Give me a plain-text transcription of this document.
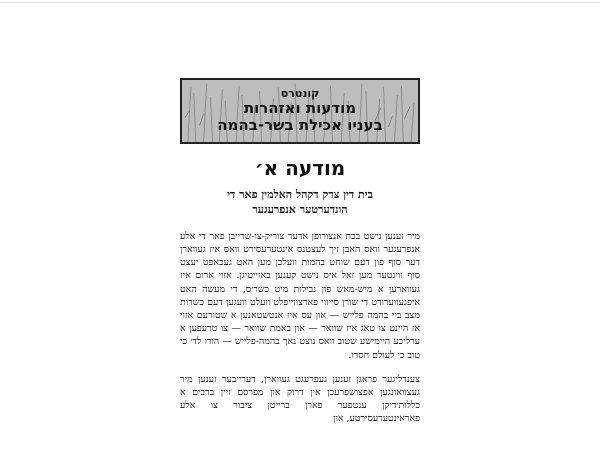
קונטרס
מודעות ואזהרות
בעניו אכילת בשר-בהמה
מודעה א׳
בית דין צדק דקהל האלמין פאר די
הונדערטער אנפרעגער

מיר זענען נישט בכח אנצורופן אדער צוריק-צו-שרייבן פאר די אלע אנפרעגער וואס האבן זיך לעצטנס אינטערעסירט וואס איז געווארן דער סוף פון דעם שוחט בהמות וועלכן מען האט געכאפט יעצט סוף ווינטער מען זאל איס נישט קענען באזייטיגן. אזוי ארום איז געווארען א מיש-מאש פון נבילות מיט כשר׳ס, די מעשה האט איפגעווערודט די שורן סייווי פארצווייפלט וועלט וועגען דעם כשרות מצב ביי בהמה פלייש — און עס איז אנטשטאנען א שטורעם אזוי אז היינט צו טאג איז שוואר — און באמת שוואר — צו טרעפען א ערליכע היימישע שטוב וואס נוצט נאך בהמה-פלייש — הודו לד׳ כי טוב כי לעולם חסדו.

צענדליגער פראגן זענען געפרעגט געווארן, דערייבער זענען מיר געצוואונגען אפצושפרעכן אין דרוק און מפרסם זיין ברבים א כללות׳דיקן ענטפער פארן ברייטן ציבור צו אלע פאראינטערעסירטע, און
